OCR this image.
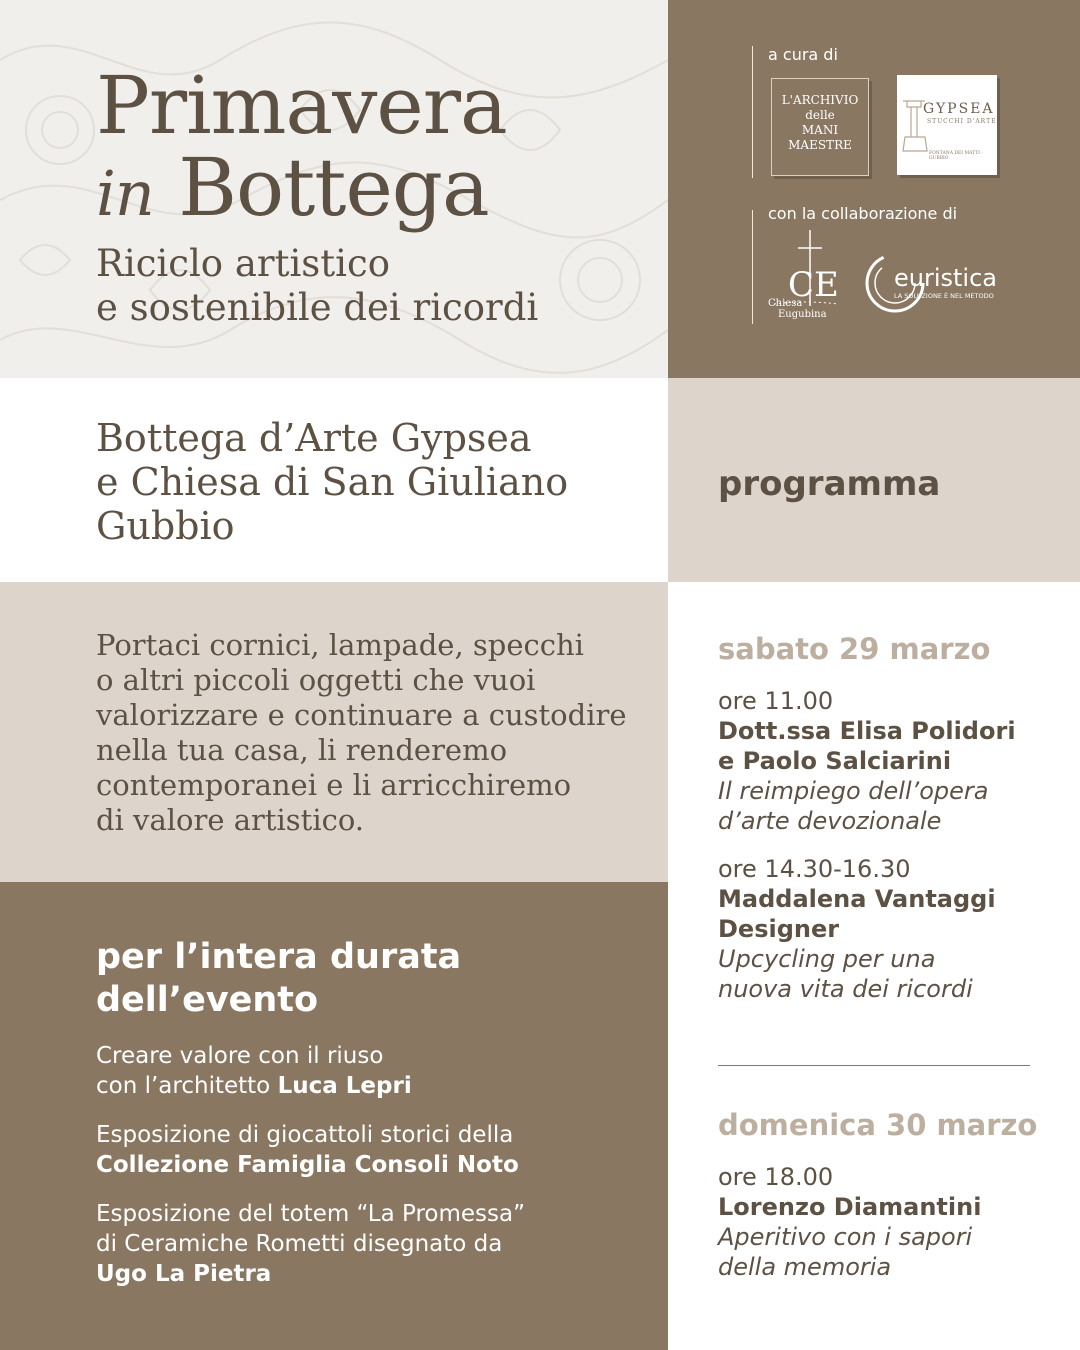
Primavera
in Bottega
Riciclo artistico
e sostenibile dei ricordi
a cura di
con la collaborazione di
L'ARCHIVIO
delle
MANI
MAESTRE
GYPSEA
STUCCHI D'ARTE
FONTANA DEI MATTI · GUBBIO
CE
Chiesa
Eugubina
euristica
LA SOLUZIONE È NEL METODO

Bottega d’Arte Gypsea
e Chiesa di San Giuliano
Gubbio

programma

Portaci cornici, lampade, specchi
o altri piccoli oggetti che vuoi
valorizzare e continuare a custodire
nella tua casa, li renderemo
contemporanei e li arricchiremo
di valore artistico.

per l’intera durata
dell’evento

Creare valore con il riuso
con l’architetto Luca Lepri

Esposizione di giocattoli storici della
Collezione Famiglia Consoli Noto

Esposizione del totem “La Promessa”
di Ceramiche Rometti disegnato da
Ugo La Pietra

sabato 29 marzo

ore 11.00
Dott.ssa Elisa Polidori
e Paolo Salciarini
Il reimpiego dell’opera
d’arte devozionale

ore 14.30-16.30
Maddalena Vantaggi
Designer
Upcycling per una
nuova vita dei ricordi

domenica 30 marzo

ore 18.00
Lorenzo Diamantini
Aperitivo con i sapori
della memoria
